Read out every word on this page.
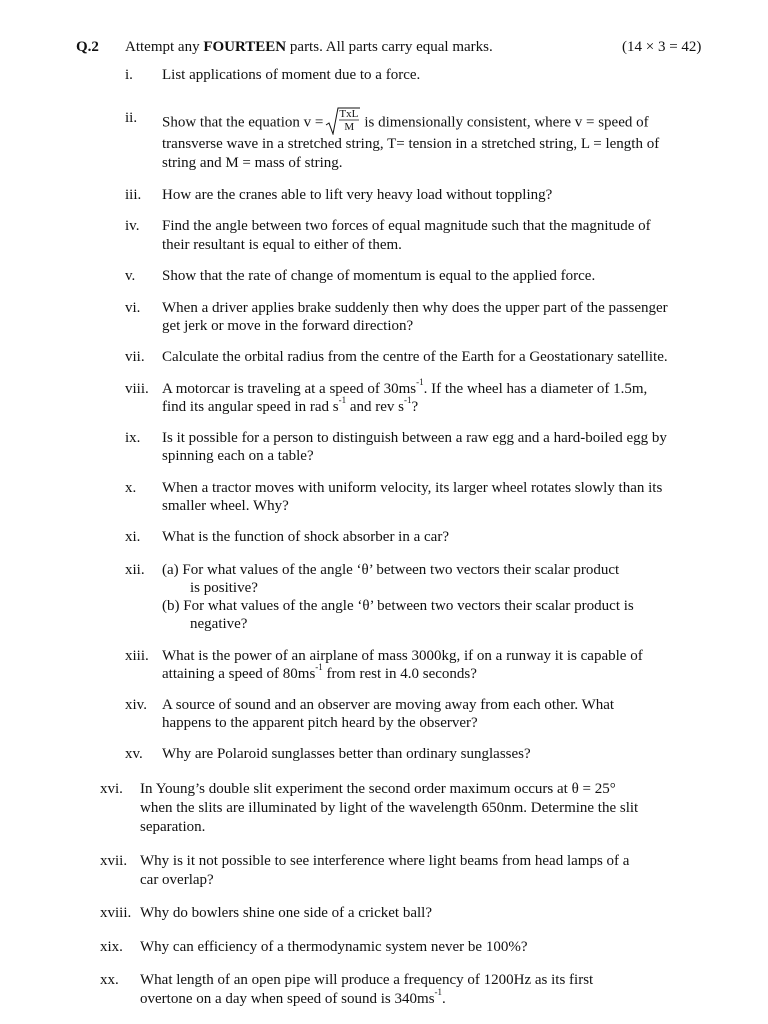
Q.2 Attempt any FOURTEEN parts. All parts carry equal marks.	(14 × 3 = 42)
i. List applications of moment due to a force.
ii. Show that the equation v =
TxL
M is dimensionally consistent, where v = speed of
transverse wave in a stretched string, T= tension in a stretched string, L = length of
string and M = mass of string.
iii. How are the cranes able to lift very heavy load without toppling?
iv. Find the angle between two forces of equal magnitude such that the magnitude of
their resultant is equal to either of them.
v. Show that the rate of change of momentum is equal to the applied force.
vi. When a driver applies brake suddenly then why does the upper part of the passenger
get jerk or move in the forward direction?
vii. Calculate the orbital radius from the centre of the Earth for a Geostationary satellite.
viii. A motorcar is traveling at a speed of $30ms^{-1}$. If the wheel has a diameter of 1.5m,
find its angular speed in rad $s^{-1}$ and rev $s^{-1}$?
ix. Is it possible for a person to distinguish between a raw egg and a hard-boiled egg by
spinning each on a table?
x. When a tractor moves with uniform velocity, its larger wheel rotates slowly than its
smaller wheel. Why?
xi. What is the function of shock absorber in a car?
xii. (a) For what values of the angle ‘θ’ between two vectors their scalar product
is positive?
(b) For what values of the angle ‘θ’ between two vectors their scalar product is
negative?
xiii. What is the power of an airplane of mass 3000kg, if on a runway it is capable of
attaining a speed of $80ms^{-1}$ from rest in 4.0 seconds?
xiv. A source of sound and an observer are moving away from each other. What
happens to the apparent pitch heard by the observer?
xv. Why are Polaroid sunglasses better than ordinary sunglasses?
xvi. In Young’s double slit experiment the second order maximum occurs at θ = 25°
when the slits are illuminated by light of the wavelength 650nm. Determine the slit
separation.
xvii. Why is it not possible to see interference where light beams from head lamps of a
car overlap?
xviii. Why do bowlers shine one side of a cricket ball?
xix. Why can efficiency of a thermodynamic system never be 100%?
xx. What length of an open pipe will produce a frequency of 1200Hz as its first
overtone on a day when speed of sound is $340ms^{-1}$.
